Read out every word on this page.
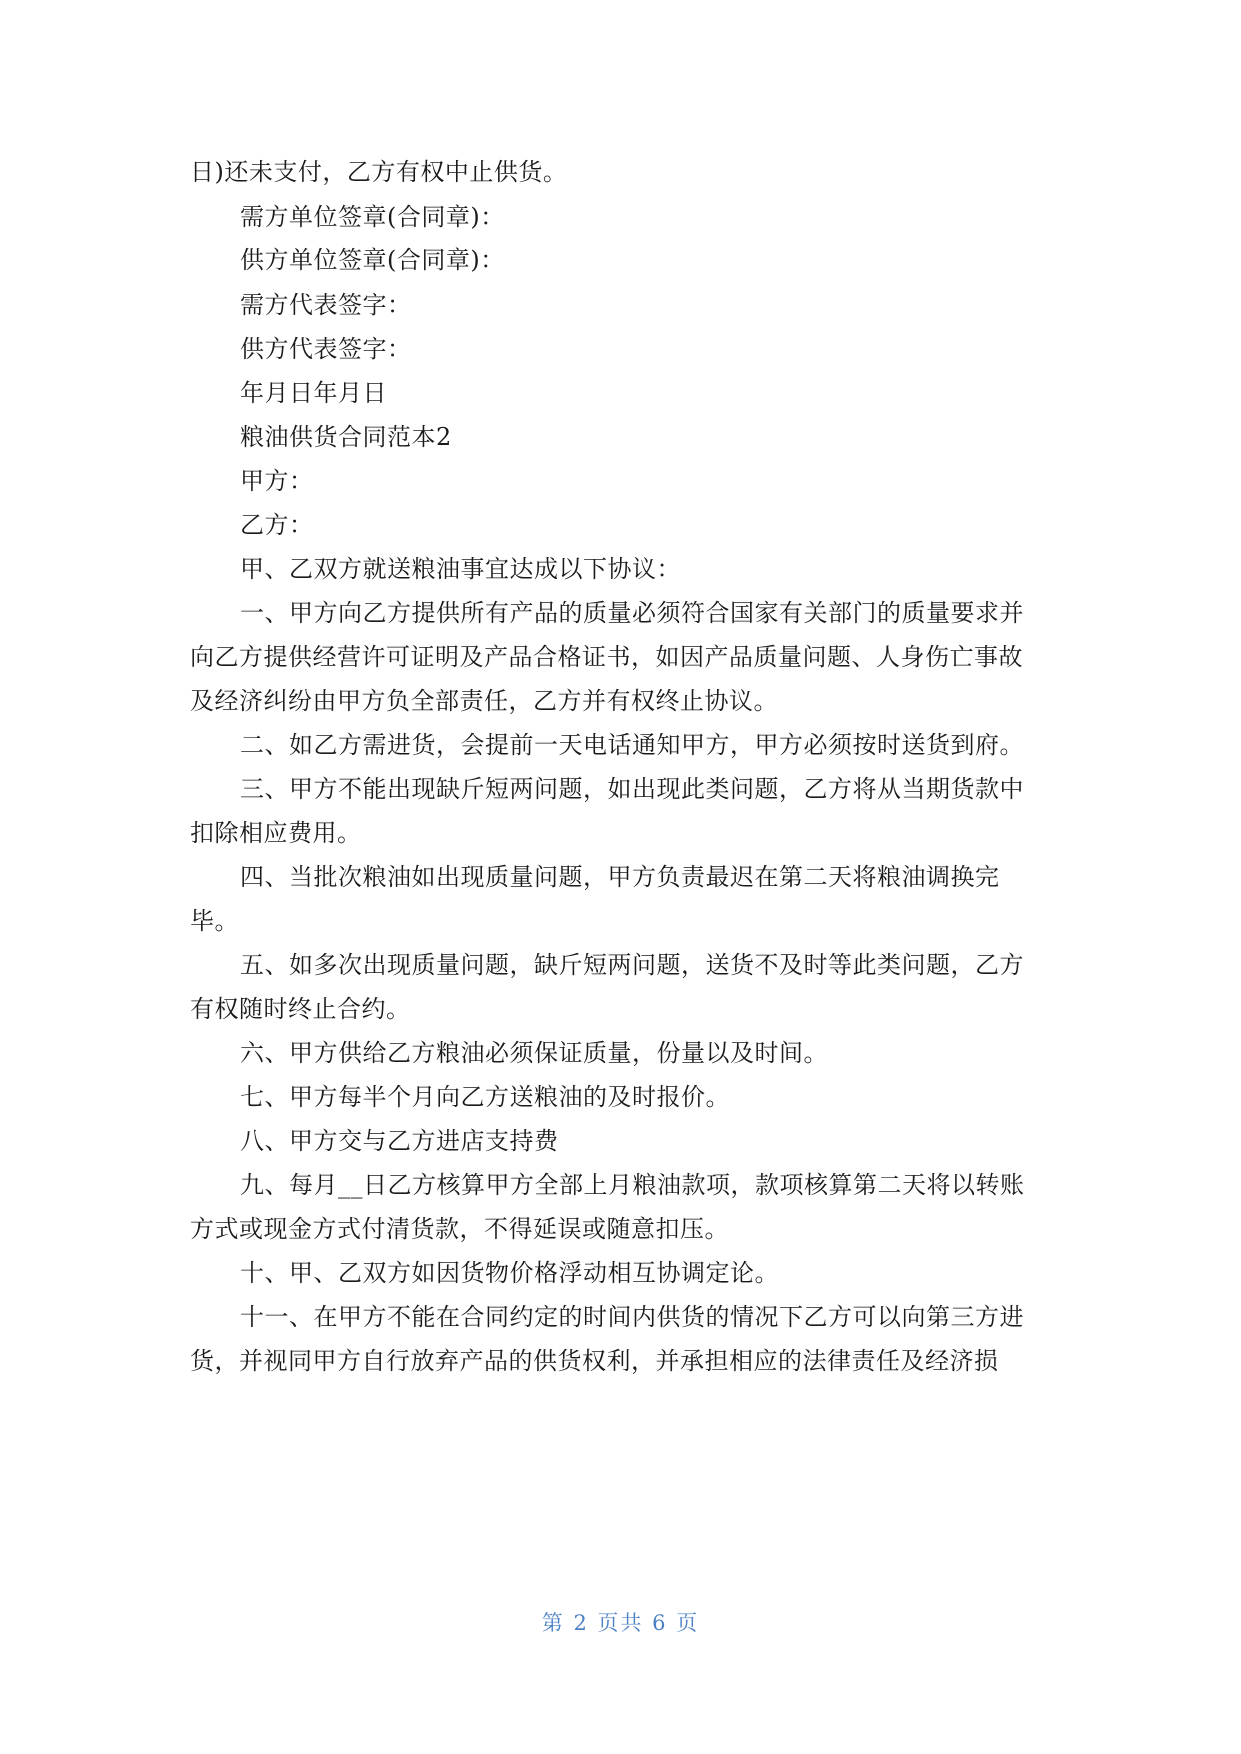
日)还未支付，乙方有权中止供货。
需方单位签章(合同章)：
供方单位签章(合同章)：
需方代表签字：
供方代表签字：
年月日年月日
粮油供货合同范本2
甲方：
乙方：
甲、乙双方就送粮油事宜达成以下协议：
一、甲方向乙方提供所有产品的质量必须符合国家有关部门的质量要求并
向乙方提供经营许可证明及产品合格证书，如因产品质量问题、人身伤亡事故
及经济纠纷由甲方负全部责任，乙方并有权终止协议。
二、如乙方需进货，会提前一天电话通知甲方，甲方必须按时送货到府。
三、甲方不能出现缺斤短两问题，如出现此类问题，乙方将从当期货款中
扣除相应费用。
四、当批次粮油如出现质量问题，甲方负责最迟在第二天将粮油调换完
毕。
五、如多次出现质量问题，缺斤短两问题，送货不及时等此类问题，乙方
有权随时终止合约。
六、甲方供给乙方粮油必须保证质量，份量以及时间。
七、甲方每半个月向乙方送粮油的及时报价。
八、甲方交与乙方进店支持费
九、每月__日乙方核算甲方全部上月粮油款项，款项核算第二天将以转账
方式或现金方式付清货款，不得延误或随意扣压。
十、甲、乙双方如因货物价格浮动相互协调定论。
十一、在甲方不能在合同约定的时间内供货的情况下乙方可以向第三方进
货，并视同甲方自行放弃产品的供货权利，并承担相应的法律责任及经济损
第 2 页共 6 页
